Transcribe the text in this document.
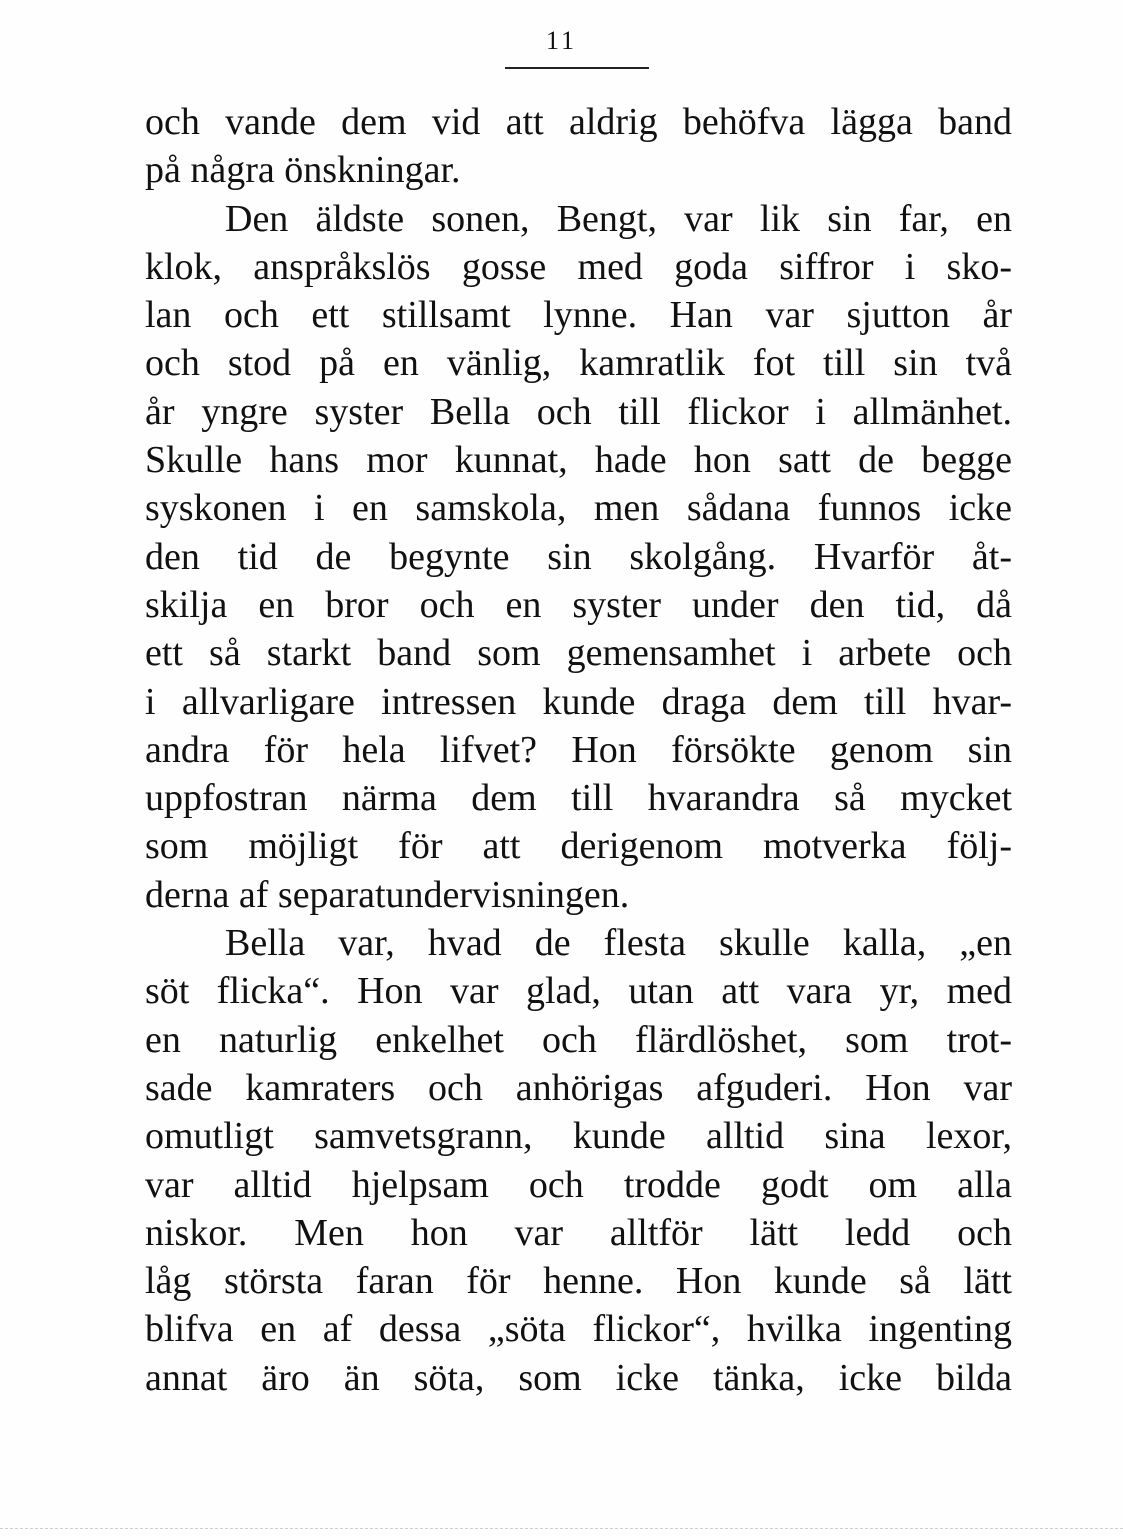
11
och vande dem vid att aldrig behöfva lägga band
på några önskningar.
Den äldste sonen, Bengt, var lik sin far, en
klok, anspråkslös gosse med goda siffror i sko-
lan och ett stillsamt lynne. Han var sjutton år
och stod på en vänlig, kamratlik fot till sin två
år yngre syster Bella och till flickor i allmänhet.
Skulle hans mor kunnat, hade hon satt de begge
syskonen i en samskola, men sådana funnos icke
den tid de begynte sin skolgång. Hvarför åt-
skilja en bror och en syster under den tid, då
ett så starkt band som gemensamhet i arbete och
i allvarligare intressen kunde draga dem till hvar-
andra för hela lifvet? Hon försökte genom sin
uppfostran närma dem till hvarandra så mycket
som möjligt för att derigenom motverka följ-
derna af separatundervisningen.
Bella var, hvad de flesta skulle kalla, „en
söt flicka“. Hon var glad, utan att vara yr, med
en naturlig enkelhet och flärdlöshet, som trot-
sade kamraters och anhörigas afguderi. Hon var
omutligt samvetsgrann, kunde alltid sina lexor,
var alltid hjelpsam och trodde godt om alla
niskor. Men hon var alltför lätt ledd och
låg största faran för henne. Hon kunde så lätt
blifva en af dessa „söta flickor“, hvilka ingenting
annat äro än söta, som icke tänka, icke bilda
